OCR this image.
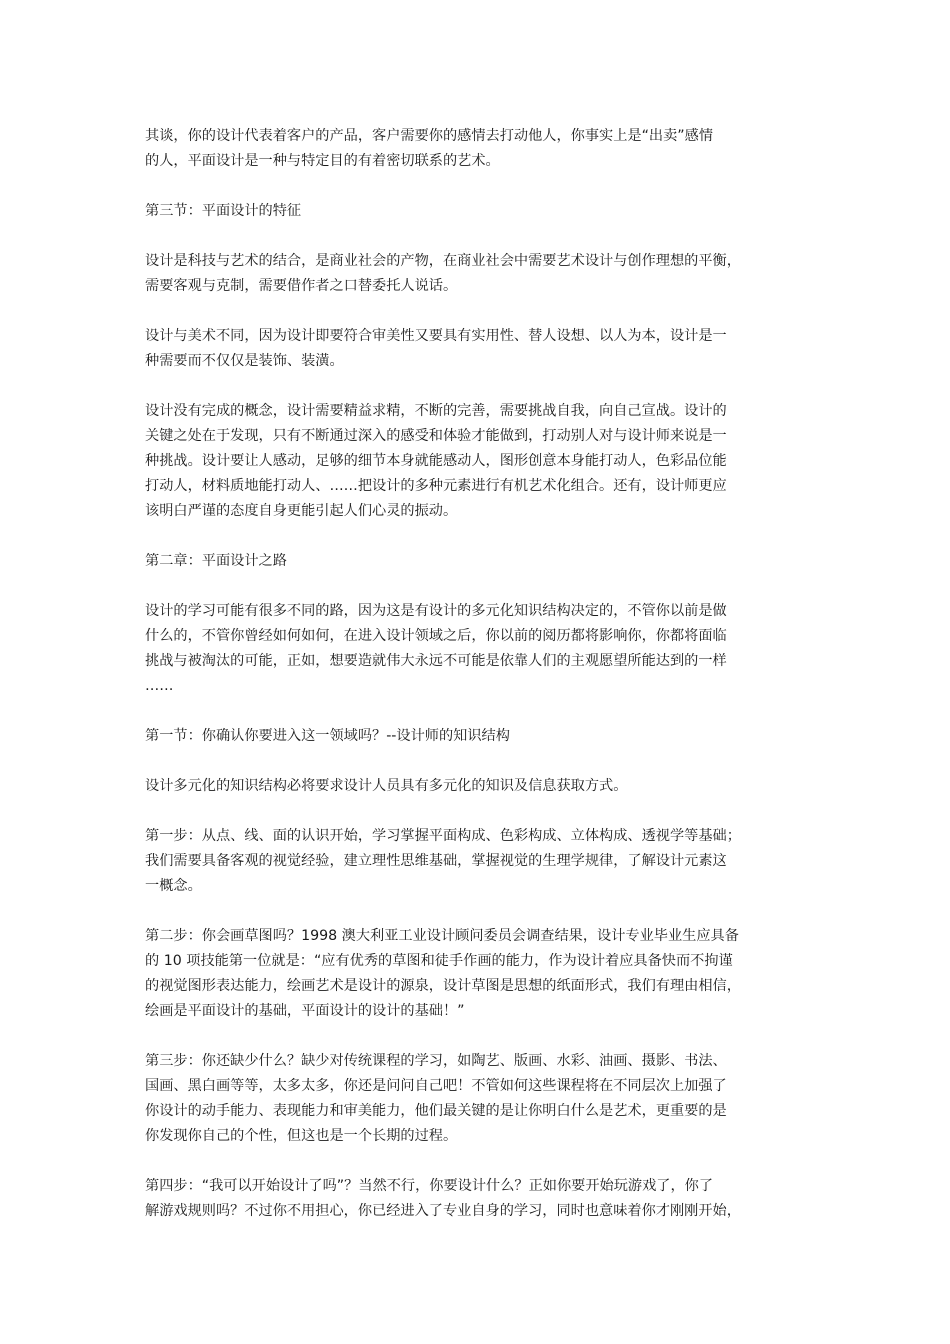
其谈，你的设计代表着客户的产品，客户需要你的感情去打动他人，你事实上是“出卖”感情
的人，平面设计是一种与特定目的有着密切联系的艺术。

第三节：平面设计的特征

设计是科技与艺术的结合，是商业社会的产物，在商业社会中需要艺术设计与创作理想的平衡，
需要客观与克制，需要借作者之口替委托人说话。

设计与美术不同，因为设计即要符合审美性又要具有实用性、替人设想、以人为本，设计是一
种需要而不仅仅是装饰、装潢。

设计没有完成的概念，设计需要精益求精，不断的完善，需要挑战自我，向自己宣战。设计的
关键之处在于发现，只有不断通过深入的感受和体验才能做到，打动别人对与设计师来说是一
种挑战。设计要让人感动，足够的细节本身就能感动人，图形创意本身能打动人，色彩品位能
打动人，材料质地能打动人、……把设计的多种元素进行有机艺术化组合。还有，设计师更应
该明白严谨的态度自身更能引起人们心灵的振动。

第二章：平面设计之路

设计的学习可能有很多不同的路，因为这是有设计的多元化知识结构决定的，不管你以前是做
什么的，不管你曾经如何如何，在进入设计领域之后，你以前的阅历都将影响你，你都将面临
挑战与被淘汰的可能，正如，想要造就伟大永远不可能是依靠人们的主观愿望所能达到的一样
……

第一节：你确认你要进入这一领域吗？--设计师的知识结构

设计多元化的知识结构必将要求设计人员具有多元化的知识及信息获取方式。

第一步：从点、线、面的认识开始，学习掌握平面构成、色彩构成、立体构成、透视学等基础；
我们需要具备客观的视觉经验，建立理性思维基础，掌握视觉的生理学规律，了解设计元素这
一概念。

第二步：你会画草图吗？1998 澳大利亚工业设计顾问委员会调查结果，设计专业毕业生应具备
的 10 项技能第一位就是：“应有优秀的草图和徒手作画的能力，作为设计着应具备快而不拘谨
的视觉图形表达能力，绘画艺术是设计的源泉，设计草图是思想的纸面形式，我们有理由相信，
绘画是平面设计的基础，平面设计的设计的基础！”

第三步：你还缺少什么？缺少对传统课程的学习，如陶艺、版画、水彩、油画、摄影、书法、
国画、黑白画等等，太多太多，你还是问问自己吧！不管如何这些课程将在不同层次上加强了
你设计的动手能力、表现能力和审美能力，他们最关键的是让你明白什么是艺术，更重要的是
你发现你自己的个性，但这也是一个长期的过程。

第四步：“我可以开始设计了吗”？当然不行，你要设计什么？正如你要开始玩游戏了，你了
解游戏规则吗？不过你不用担心，你已经进入了专业自身的学习，同时也意味着你才刚刚开始，
